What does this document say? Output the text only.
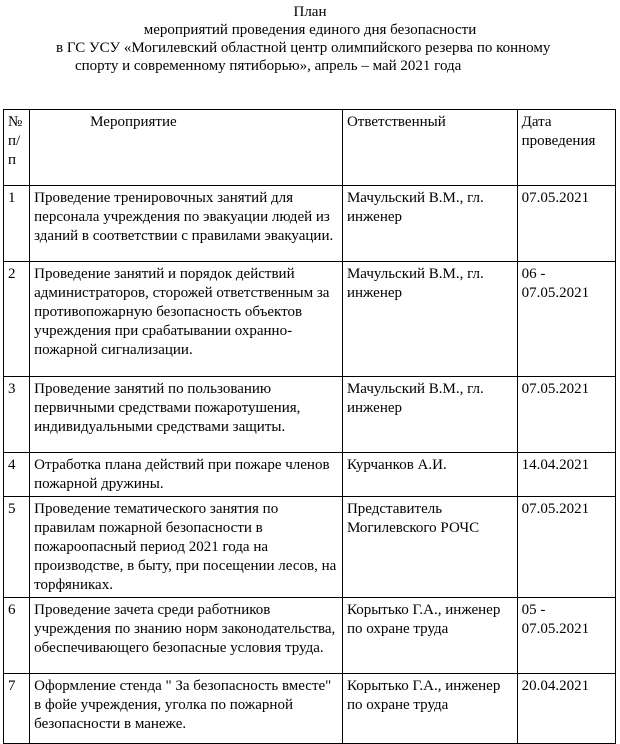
План
мероприятий проведения единого дня безопасности
в ГС УСУ «Могилевский областной центр олимпийского резерва по конному
спорту и современному пятиборью», апрель – май 2021 года
№ п/п	Мероприятие	Ответственный	Дата проведения
1	Проведение тренировочных занятий для персонала учреждения по эвакуации людей из зданий в соответствии с правилами эвакуации.	Мачульский В.М., гл. инженер	07.05.2021
2	Проведение занятий и порядок действий администраторов, сторожей ответственным за противопожарную безопасность объектов учреждения при срабатывании охранно-пожарной сигнализации.	Мачульский В.М., гл. инженер	06 - 07.05.2021
3	Проведение занятий по пользованию первичными средствами пожаротушения, индивидуальными средствами защиты.	Мачульский В.М., гл. инженер	07.05.2021
4	Отработка плана действий при пожаре членов пожарной дружины.	Курчанков А.И.	14.04.2021
5	Проведение тематического занятия по правилам пожарной безопасности в пожароопасный период 2021 года на производстве, в быту, при посещении лесов, на торфяниках.	Представитель Могилевского РОЧС	07.05.2021
6	Проведение зачета среди работников учреждения по знанию норм законодательства, обеспечивающего безопасные условия труда.	Корытько Г.А., инженер по охране труда	05 - 07.05.2021
7	Оформление стенда " За безопасность вместе" в фойе учреждения, уголка по пожарной безопасности в манеже.	Корытько Г.А., инженер по охране труда	20.04.2021
